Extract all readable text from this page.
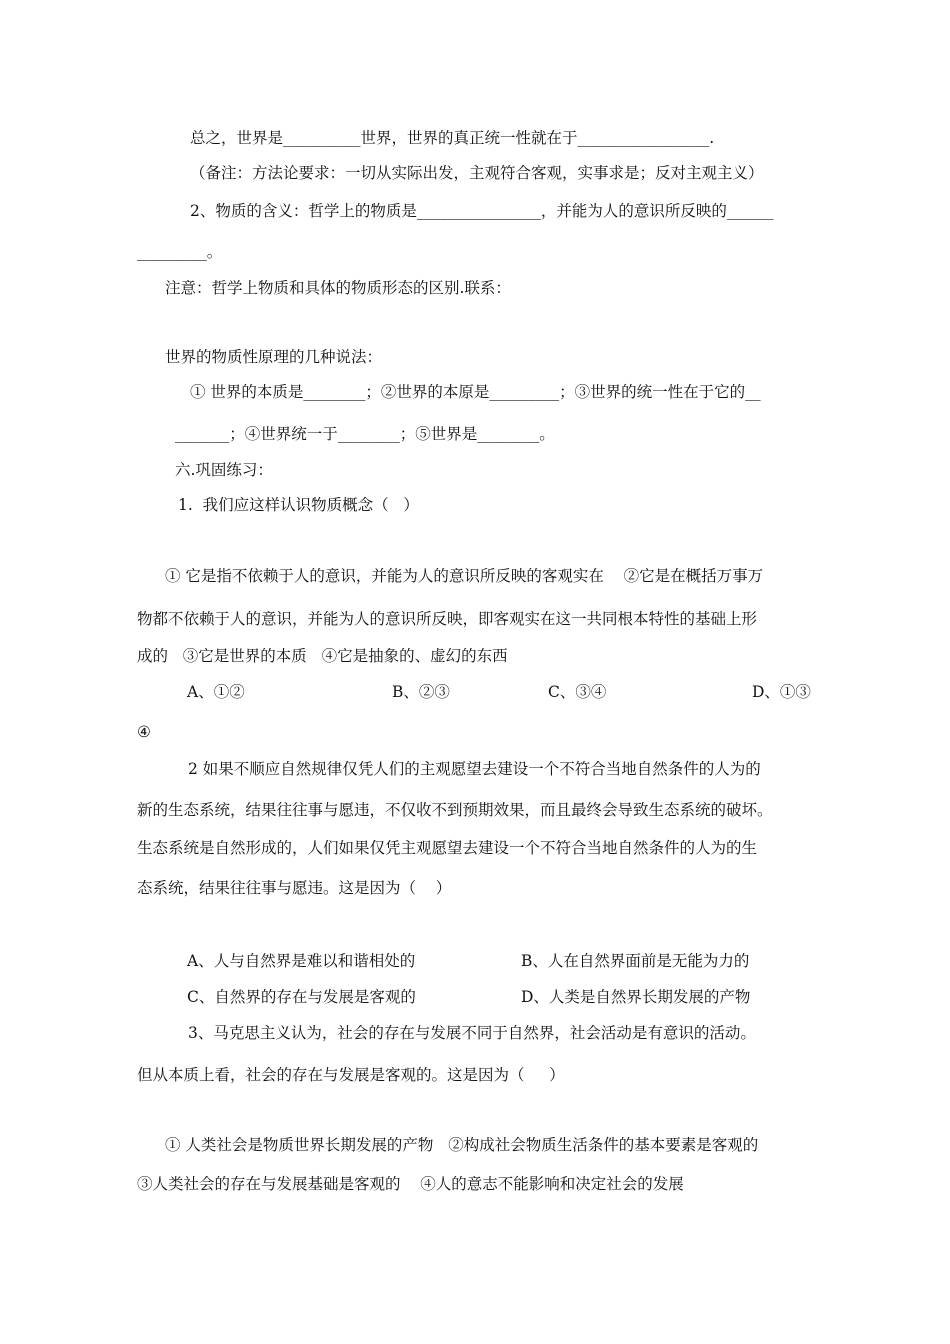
总之，世界是__________世界，世界的真正统一性就在于_________________.
（备注：方法论要求：一切从实际出发，主观符合客观，实事求是；反对主观主义）
2、物质的含义：哲学上的物质是________________，并能为人的意识所反映的______
_________。
注意：哲学上物质和具体的物质形态的区别.联系：
世界的物质性原理的几种说法：
① 世界的本质是________；②世界的本原是_________；③世界的统一性在于它的__
_______；④世界统一于________；⑤世界是________。
六.巩固练习：
1.  我们应这样认识物质概念（   ）
① 它是指不依赖于人的意识，并能为人的意识所反映的客观实在    ②它是在概括万事万
物都不依赖于人的意识，并能为人的意识所反映，即客观实在这一共同根本特性的基础上形
成的   ③它是世界的本质   ④它是抽象的、虚幻的东西
A、①②	B、②③	C、③④	D、①③
④
2 如果不顺应自然规律仅凭人们的主观愿望去建设一个不符合当地自然条件的人为的
新的生态系统，结果往往事与愿违，不仅收不到预期效果，而且最终会导致生态系统的破坏。
生态系统是自然形成的，人们如果仅凭主观愿望去建设一个不符合当地自然条件的人为的生
态系统，结果往往事与愿违。这是因为（    ）
A、人与自然界是难以和谐相处的	B、人在自然界面前是无能为力的
C、自然界的存在与发展是客观的	D、人类是自然界长期发展的产物
3、马克思主义认为，社会的存在与发展不同于自然界，社会活动是有意识的活动。
但从本质上看，社会的存在与发展是客观的。这是因为（     ）
① 人类社会是物质世界长期发展的产物   ②构成社会物质生活条件的基本要素是客观的
③人类社会的存在与发展基础是客观的    ④人的意志不能影响和决定社会的发展
